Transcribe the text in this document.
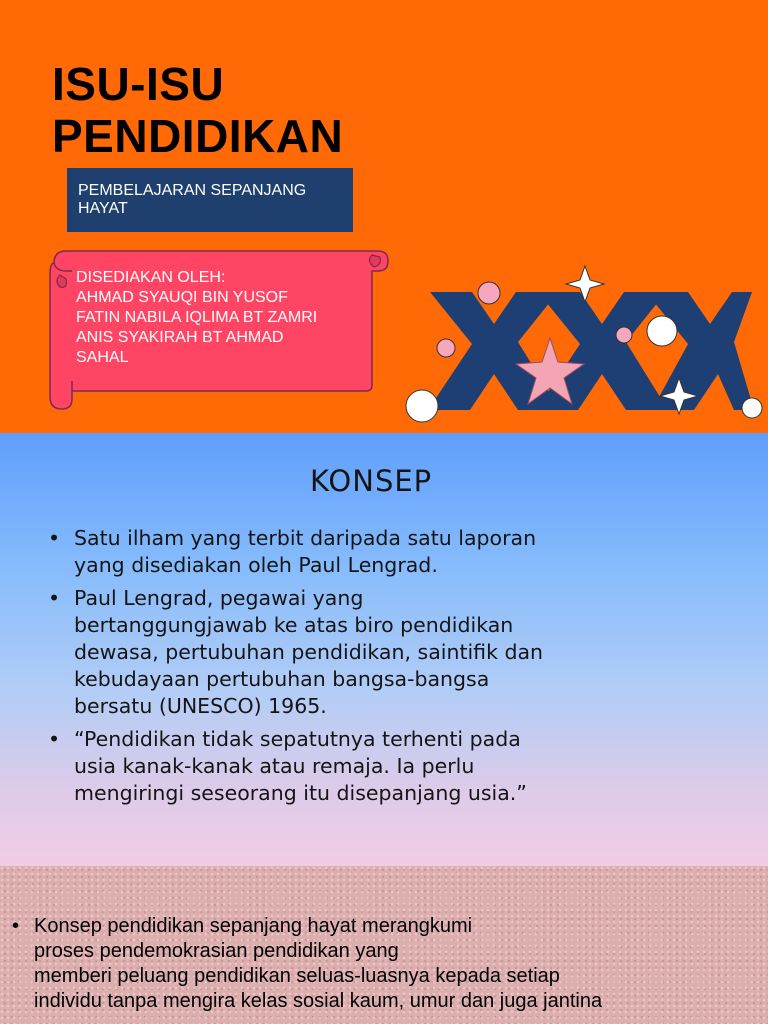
ISU-ISU
PENDIDIKAN
PEMBELAJARAN SEPANJANG
HAYAT
DISEDIAKAN OLEH:
AHMAD SYAUQI BIN YUSOF
FATIN NABILA IQLIMA BT ZAMRI
ANIS SYAKIRAH BT AHMAD
SAHAL
KONSEP
• Satu ilham yang terbit daripada satu laporan
yang disediakan oleh Paul Lengrad.
• Paul Lengrad, pegawai yang
bertanggungjawab ke atas biro pendidikan
dewasa, pertubuhan pendidikan, saintifik dan
kebudayaan pertubuhan bangsa-bangsa
bersatu (UNESCO) 1965.
• “Pendidikan tidak sepatutnya terhenti pada
usia kanak-kanak atau remaja. Ia perlu
mengiringi seseorang itu disepanjang usia.”
• Konsep pendidikan sepanjang hayat merangkumi
proses pendemokrasian pendidikan yang
memberi peluang pendidikan seluas-luasnya kepada setiap
individu tanpa mengira kelas sosial kaum, umur dan juga jantina
